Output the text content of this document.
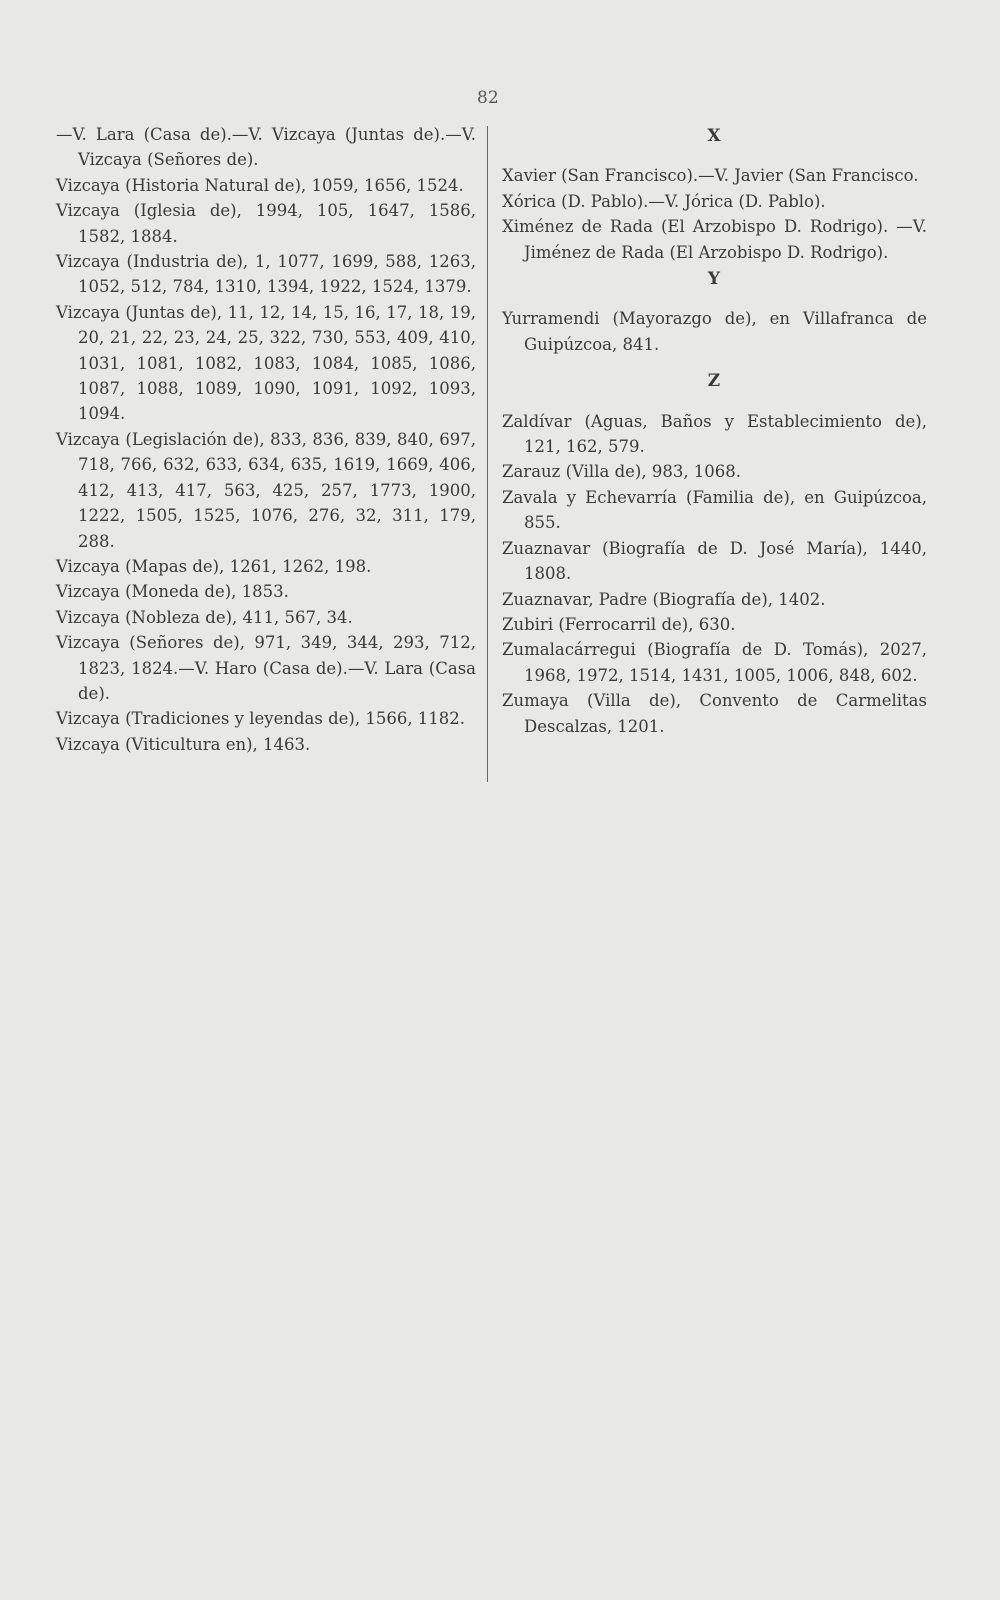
82

—V. Lara (Casa de).—V. Vizcaya (Juntas de).—V. Vizcaya (Señores de).

Vizcaya (Historia Natural de), 1059, 1656, 1524.

Vizcaya (Iglesia de), 1994, 105, 1647, 1586, 1582, 1884.

Vizcaya (Industria de), 1, 1077, 1699, 588, 1263, 1052, 512, 784, 1310, 1394, 1922, 1524, 1379.

Vizcaya (Juntas de), 11, 12, 14, 15, 16, 17, 18, 19, 20, 21, 22, 23, 24, 25, 322, 730, 553, 409, 410, 1031, 1081, 1082, 1083, 1084, 1085, 1086, 1087, 1088, 1089, 1090, 1091, 1092, 1093, 1094.

Vizcaya (Legislación de), 833, 836, 839, 840, 697, 718, 766, 632, 633, 634, 635, 1619, 1669, 406, 412, 413, 417, 563, 425, 257, 1773, 1900, 1222, 1505, 1525, 1076, 276, 32, 311, 179, 288.

Vizcaya (Mapas de), 1261, 1262, 198.

Vizcaya (Moneda de), 1853.

Vizcaya (Nobleza de), 411, 567, 34.

Vizcaya (Señores de), 971, 349, 344, 293, 712, 1823, 1824.—V. Haro (Casa de).—V. Lara (Casa de).

Vizcaya (Tradiciones y leyendas de), 1566, 1182.

Vizcaya (Viticultura en), 1463.

X

Xavier (San Francisco).—V. Javier (San Francisco.

Xórica (D. Pablo).—V. Jórica (D. Pablo).

Ximénez de Rada (El Arzobispo D. Rodrigo). —V. Jiménez de Rada (El Arzobispo D. Rodrigo).

Y

Yurramendi (Mayorazgo de), en Villafranca de Guipúzcoa, 841.

Z

Zaldívar (Aguas, Baños y Establecimiento de), 121, 162, 579.

Zarauz (Villa de), 983, 1068.

Zavala y Echevarría (Familia de), en Guipúzcoa, 855.

Zuaznavar (Biografía de D. José María), 1440, 1808.

Zuaznavar, Padre (Biografía de), 1402.

Zubiri (Ferrocarril de), 630.

Zumalacárregui (Biografía de D. Tomás), 2027, 1968, 1972, 1514, 1431, 1005, 1006, 848, 602.

Zumaya (Villa de), Convento de Carmelitas Descalzas, 1201.
